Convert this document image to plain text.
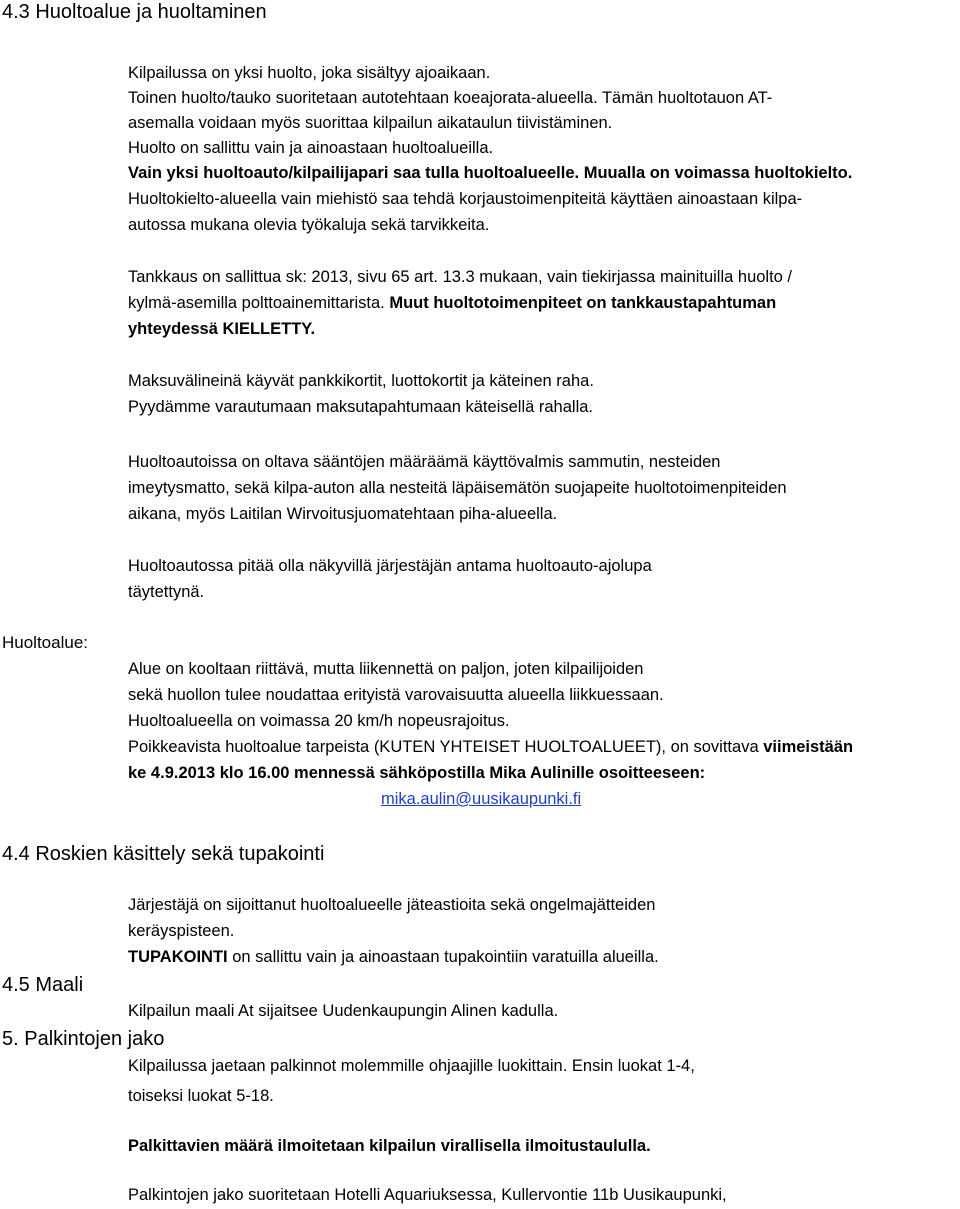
4.3 Huoltoalue ja huoltaminen
Kilpailussa on yksi huolto, joka sisältyy ajoaikaan.
Toinen huolto/tauko suoritetaan autotehtaan koeajorata-alueella. Tämän huoltotauon AT-
asemalla voidaan myös suorittaa kilpailun aikataulun tiivistäminen.
Huolto on sallittu vain ja ainoastaan huoltoalueilla.
Vain yksi huoltoauto/kilpailijapari saa tulla huoltoalueelle. Muualla on voimassa huoltokielto.
Huoltokielto-alueella vain miehistö saa tehdä korjaustoimenpiteitä käyttäen ainoastaan kilpa-
autossa mukana olevia työkaluja sekä tarvikkeita.
Tankkaus on sallittua sk: 2013, sivu 65 art. 13.3 mukaan, vain tiekirjassa mainituilla huolto /
kylmä-asemilla polttoainemittarista. Muut huoltotoimenpiteet on tankkaustapahtuman
yhteydessä KIELLETTY.
Maksuvälineinä käyvät pankkikortit, luottokortit ja käteinen raha.
Pyydämme varautumaan maksutapahtumaan käteisellä rahalla.
Huoltoautoissa on oltava sääntöjen määräämä käyttövalmis sammutin, nesteiden
imeytysmatto, sekä kilpa-auton alla nesteitä läpäisemätön suojapeite huoltotoimenpiteiden
aikana, myös Laitilan Wirvoitusjuomatehtaan piha-alueella.
Huoltoautossa pitää olla näkyvillä järjestäjän antama huoltoauto-ajolupa
täytettynä.
Huoltoalue:
Alue on kooltaan riittävä, mutta liikennettä on paljon, joten kilpailijoiden
sekä huollon tulee noudattaa erityistä varovaisuutta alueella liikkuessaan.
Huoltoalueella on voimassa 20 km/h nopeusrajoitus.
Poikkeavista huoltoalue tarpeista (KUTEN YHTEISET HUOLTOALUEET), on sovittava viimeistään
ke 4.9.2013 klo 16.00 mennessä sähköpostilla Mika Aulinille osoitteeseen:
mika.aulin@uusikaupunki.fi
4.4 Roskien käsittely sekä tupakointi
Järjestäjä on sijoittanut huoltoalueelle jäteastioita sekä ongelmajätteiden
keräyspisteen.
TUPAKOINTI on sallittu vain ja ainoastaan tupakointiin varatuilla alueilla.
4.5 Maali
Kilpailun maali At sijaitsee Uudenkaupungin Alinen kadulla.
5. Palkintojen jako
Kilpailussa jaetaan palkinnot molemmille ohjaajille luokittain. Ensin luokat 1-4,
toiseksi luokat 5-18.
Palkittavien määrä ilmoitetaan kilpailun virallisella ilmoitustaululla.
Palkintojen jako suoritetaan Hotelli Aquariuksessa, Kullervontie 11b Uusikaupunki,
